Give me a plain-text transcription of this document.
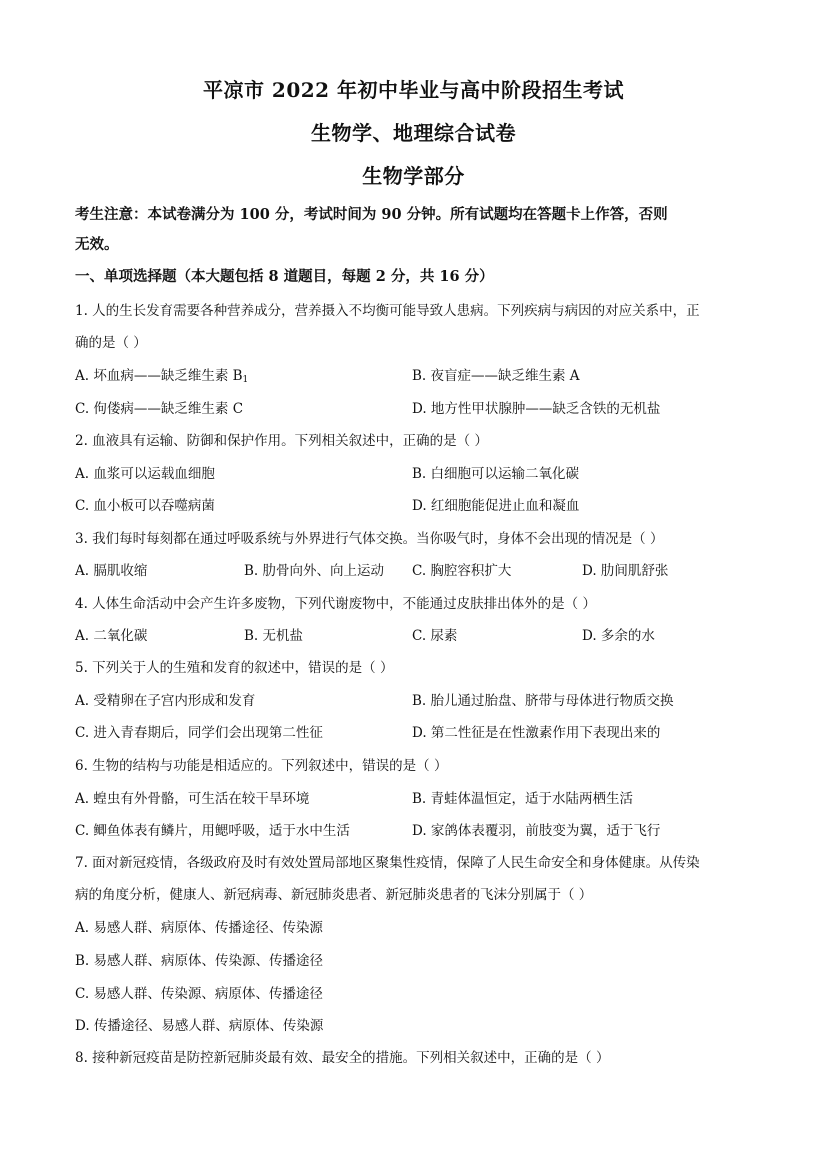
平凉市 2022 年初中毕业与高中阶段招生考试
生物学、地理综合试卷
生物学部分
考生注意：本试卷满分为 100 分，考试时间为 90 分钟。所有试题均在答题卡上作答，否则
无效。
一、单项选择题（本大题包括 8 道题目，每题 2 分，共 16 分）
1. 人的生长发育需要各种营养成分，营养摄入不均衡可能导致人患病。下列疾病与病因的对应关系中，正
确的是（ ）
A. 坏血病——缺乏维生素 $B_1$	B. 夜盲症——缺乏维生素 A
C. 佝偻病——缺乏维生素 C	D. 地方性甲状腺肿——缺乏含铁的无机盐
2. 血液具有运输、防御和保护作用。下列相关叙述中，正确的是（ ）
A. 血浆可以运载血细胞	B. 白细胞可以运输二氧化碳
C. 血小板可以吞噬病菌	D. 红细胞能促进止血和凝血
3. 我们每时每刻都在通过呼吸系统与外界进行气体交换。当你吸气时，身体不会出现的情况是（ ）
A. 膈肌收缩	B. 肋骨向外、向上运动 C. 胸腔容积扩大	D. 肋间肌舒张
4. 人体生命活动中会产生许多废物，下列代谢废物中，不能通过皮肤排出体外的是（ ）
A. 二氧化碳	B. 无机盐	C. 尿素	D. 多余的水
5. 下列关于人的生殖和发育的叙述中，错误的是（ ）
A. 受精卵在子宫内形成和发育	B. 胎儿通过胎盘、脐带与母体进行物质交换
C. 进入青春期后，同学们会出现第二性征	D. 第二性征是在性激素作用下表现出来的
6. 生物的结构与功能是相适应的。下列叙述中，错误的是（ ）
A. 蝗虫有外骨骼，可生活在较干旱环境	B. 青蛙体温恒定，适于水陆两栖生活
C. 鲫鱼体表有鳞片，用鳃呼吸，适于水中生活	D. 家鸽体表覆羽，前肢变为翼，适于飞行
7. 面对新冠疫情，各级政府及时有效处置局部地区聚集性疫情，保障了人民生命安全和身体健康。从传染
病的角度分析，健康人、新冠病毒、新冠肺炎患者、新冠肺炎患者的飞沫分别属于（ ）
A. 易感人群、病原体、传播途径、传染源
B. 易感人群、病原体、传染源、传播途径
C. 易感人群、传染源、病原体、传播途径
D. 传播途径、易感人群、病原体、传染源
8. 接种新冠疫苗是防控新冠肺炎最有效、最安全的措施。下列相关叙述中，正确的是（ ）
